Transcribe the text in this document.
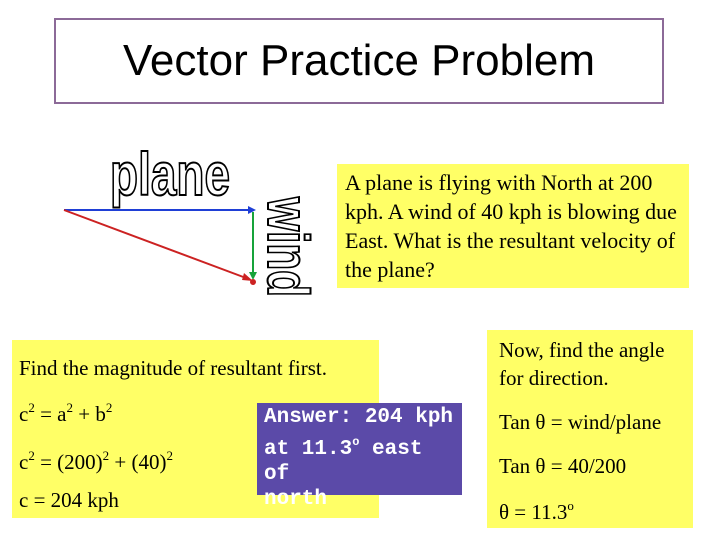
Vector Practice Problem
plane
wind
A plane is flying with North at 200 kph. A wind of 40 kph is blowing due East. What is the resultant velocity of the plane?
Find the magnitude of resultant first.
$c^2 = a^2 + b^2$
$c^2 = (200)^2 + (40)^2$
c = 204 kph
Answer: 204 kph
at 11.3$^o$ east of
north
Now, find the angle for direction.
Tan θ = wind/plane
Tan θ = 40/200
$\theta = 11.3^o$
